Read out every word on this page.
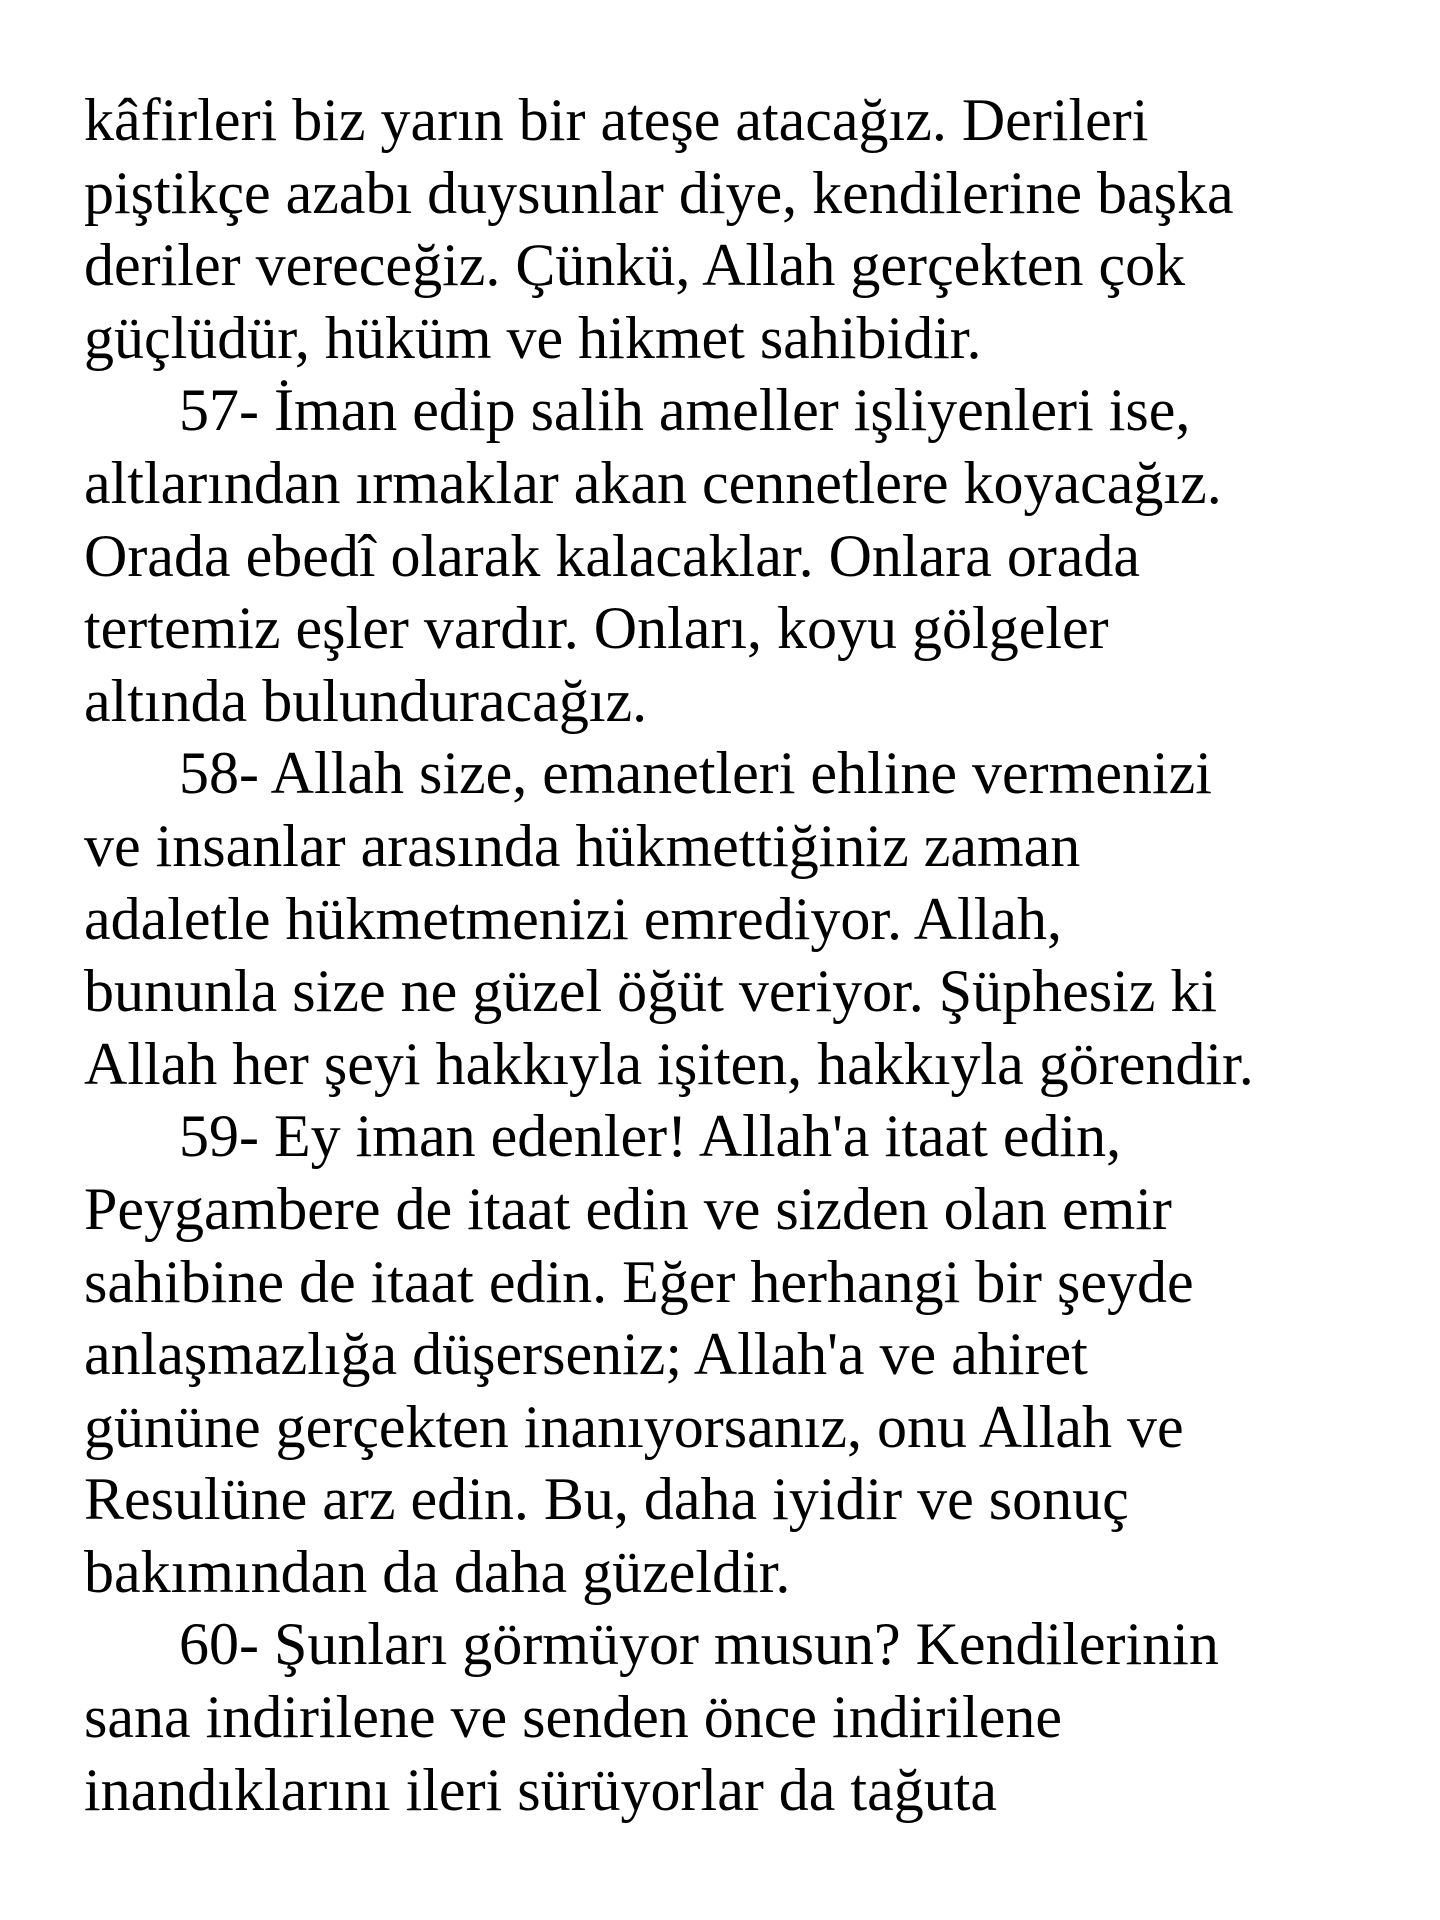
kâfirleri biz yarın bir ateşe atacağız. Derileri
piştikçe azabı duysunlar diye, kendilerine başka
deriler vereceğiz. Çünkü, Allah gerçekten çok
güçlüdür, hüküm ve hikmet sahibidir.
57- İman edip salih ameller işliyenleri ise,
altlarından ırmaklar akan cennetlere koyacağız.
Orada ebedî olarak kalacaklar. Onlara orada
tertemiz eşler vardır. Onları, koyu gölgeler
altında bulunduracağız.
58- Allah size, emanetleri ehline vermenizi
ve insanlar arasında hükmettiğiniz zaman
adaletle hükmetmenizi emrediyor. Allah,
bununla size ne güzel öğüt veriyor. Şüphesiz ki
Allah her şeyi hakkıyla işiten, hakkıyla görendir.
59- Ey iman edenler! Allah'a itaat edin,
Peygambere de itaat edin ve sizden olan emir
sahibine de itaat edin. Eğer herhangi bir şeyde
anlaşmazlığa düşerseniz; Allah'a ve ahiret
gününe gerçekten inanıyorsanız, onu Allah ve
Resulüne arz edin. Bu, daha iyidir ve sonuç
bakımından da daha güzeldir.
60- Şunları görmüyor musun? Kendilerinin
sana indirilene ve senden önce indirilene
inandıklarını ileri sürüyorlar da tağuta
